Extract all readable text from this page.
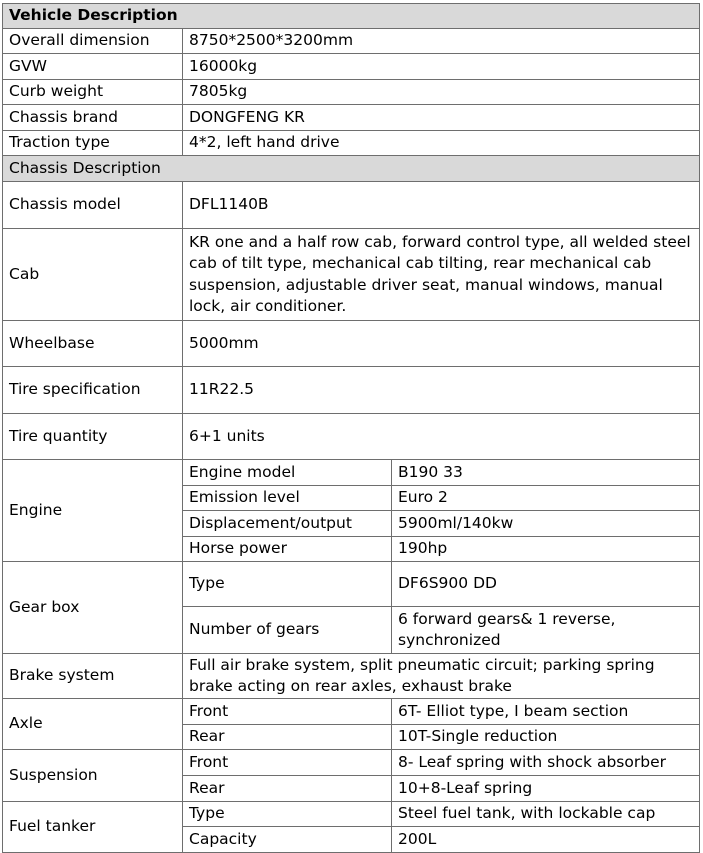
Vehicle Description		
Overall dimension	8750*2500*3200mm	
GVW	16000kg	
Curb weight	7805kg	
Chassis brand	DONGFENG KR	
Traction type	4*2, left hand drive	
Chassis Description		
Chassis model	DFL1140B	
Cab	KR one and a half row cab, forward control type, all welded steel cab of tilt type, mechanical cab tilting, rear mechanical cab suspension, adjustable driver seat, manual windows, manual lock, air conditioner.	
Wheelbase	5000mm	
Tire specification	11R22.5	
Tire quantity	6+1 units	
Engine	Engine model	B190 33
	Emission level	Euro 2
	Displacement/output	5900ml/140kw
	Horse power	190hp
Gear box	Type	DF6S900 DD
	Number of gears	6 forward gears& 1 reverse, synchronized
Brake system	Full air brake system, split pneumatic circuit; parking spring brake acting on rear axles, exhaust brake	
Axle	Front	6T- Elliot type, I beam section
	Rear	10T-Single reduction
Suspension	Front	8- Leaf spring with shock absorber
	Rear	10+8-Leaf spring
Fuel tanker	Type	Steel fuel tank, with lockable cap
	Capacity	200L
